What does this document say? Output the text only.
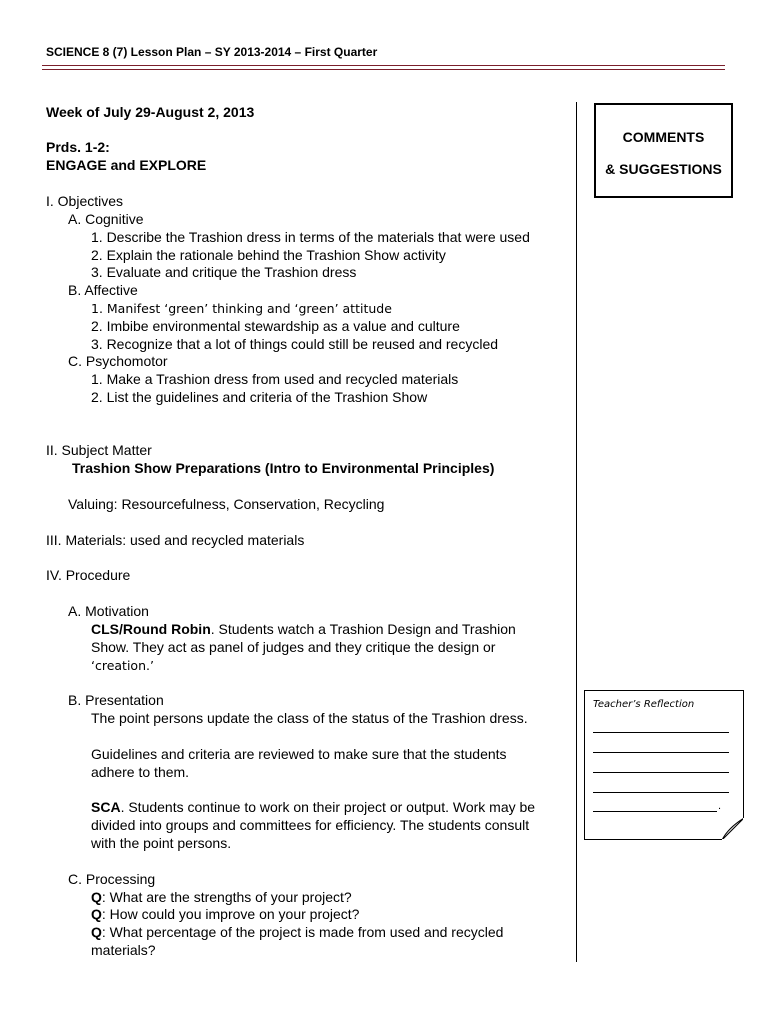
SCIENCE 8 (7) Lesson Plan – SY 2013-2014 – First Quarter
COMMENTS
& SUGGESTIONS
Week of July 29-August 2, 2013
Prds. 1-2:
ENGAGE and EXPLORE
I. Objectives
A. Cognitive
1. Describe the Trashion dress in terms of the materials that were used
2. Explain the rationale behind the Trashion Show activity
3. Evaluate and critique the Trashion dress
B. Affective
1. Manifest ‘green’ thinking and ‘green’ attitude
2. Imbibe environmental stewardship as a value and culture
3. Recognize that a lot of things could still be reused and recycled
C. Psychomotor
1. Make a Trashion dress from used and recycled materials
2. List the guidelines and criteria of the Trashion Show
II. Subject Matter
Trashion Show Preparations (Intro to Environmental Principles)
Valuing: Resourcefulness, Conservation, Recycling
III. Materials: used and recycled materials
IV. Procedure
A. Motivation
CLS/Round Robin. Students watch a Trashion Design and Trashion
Show. They act as panel of judges and they critique the design or
‘creation.’
B. Presentation
The point persons update the class of the status of the Trashion dress.
Guidelines and criteria are reviewed to make sure that the students
adhere to them.
SCA. Students continue to work on their project or output. Work may be
divided into groups and committees for efficiency. The students consult
with the point persons.
C. Processing
Q: What are the strengths of your project?
Q: How could you improve on your project?
Q: What percentage of the project is made from used and recycled
materials?
Teacher’s Reflection
.
